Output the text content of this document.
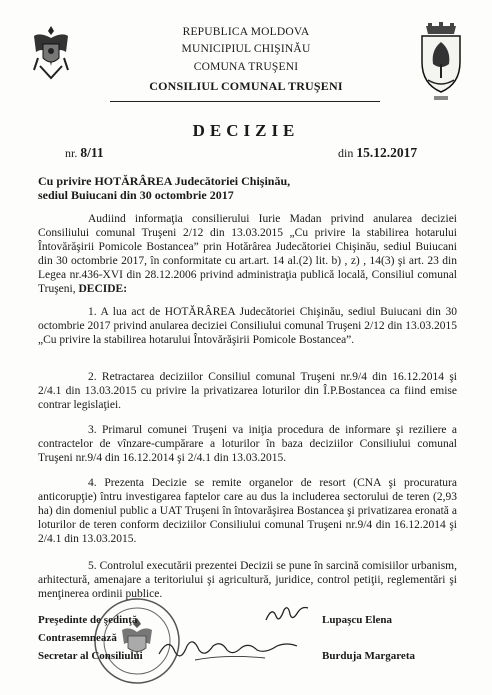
REPUBLICA MOLDOVA
MUNICIPIUL CHIŞINĂU
COMUNA TRUŞENI
CONSILIUL COMUNAL TRUŞENI
DECIZIE
nr. 8/11	din 15.12.2017
Cu privire HOTĂRÂREA Judecătoriei Chişinău,
sediul Buiucani din 30 octombrie 2017
Audiind informaţia consilierului Iurie Madan privind anularea deciziei Consiliului comunal Truşeni 2/12 din 13.03.2015 „Cu privire la stabilirea hotarului Întovărăşirii Pomicole Bostancea” prin Hotărârea Judecătoriei Chişinău, sediul Buiucani din 30 octombrie 2017, în conformitate cu art.art. 14 al.(2) lit. b) , z) , 14(3) şi art. 23 din Legea nr.436-XVI din 28.12.2006 privind administraţia publică locală, Consiliul comunal Truşeni, DECIDE:
1. A lua act de HOTĂRÂREA Judecătoriei Chişinău, sediul Buiucani din 30 octombrie 2017 privind anularea deciziei Consiliului comunal Truşeni 2/12 din 13.03.2015 „Cu privire la stabilirea hotarului Întovărăşirii Pomicole Bostancea”.
2. Retractarea deciziilor Consiliul comunal Truşeni nr.9/4 din 16.12.2014 şi 2/4.1 din 13.03.2015 cu privire la privatizarea loturilor din Î.P.Bostancea ca fiind emise contrar legislaţiei.
3. Primarul comunei Truşeni va iniţia procedura de informare şi reziliere a contractelor de vînzare-cumpărare a loturilor în baza deciziilor Consiliului comunal Truşeni nr.9/4 din 16.12.2014 şi 2/4.1 din 13.03.2015.
4. Prezenta Decizie se remite organelor de resort (CNA şi procuratura anticorupţie) întru investigarea faptelor care au dus la includerea sectorului de teren (2,93 ha) din domeniul public a UAT Truşeni în întovarăşirea Bostancea şi privatizarea eronată a loturilor de teren conform deciziilor Consiliului comunal Truşeni nr.9/4 din 16.12.2014 şi 2/4.1 din 13.03.2015.
5. Controlul executării prezentei Decizii se pune în sarcină comisiilor urbanism, arhitectură, amenajare a teritoriului şi agricultură, juridice, control petiţii, reglementări şi menţinerea ordinii publice.
Preşedinte de şedinţă
Contrasemnează
Secretar al Consiliului
Lupaşcu Elena
Burduja Margareta
